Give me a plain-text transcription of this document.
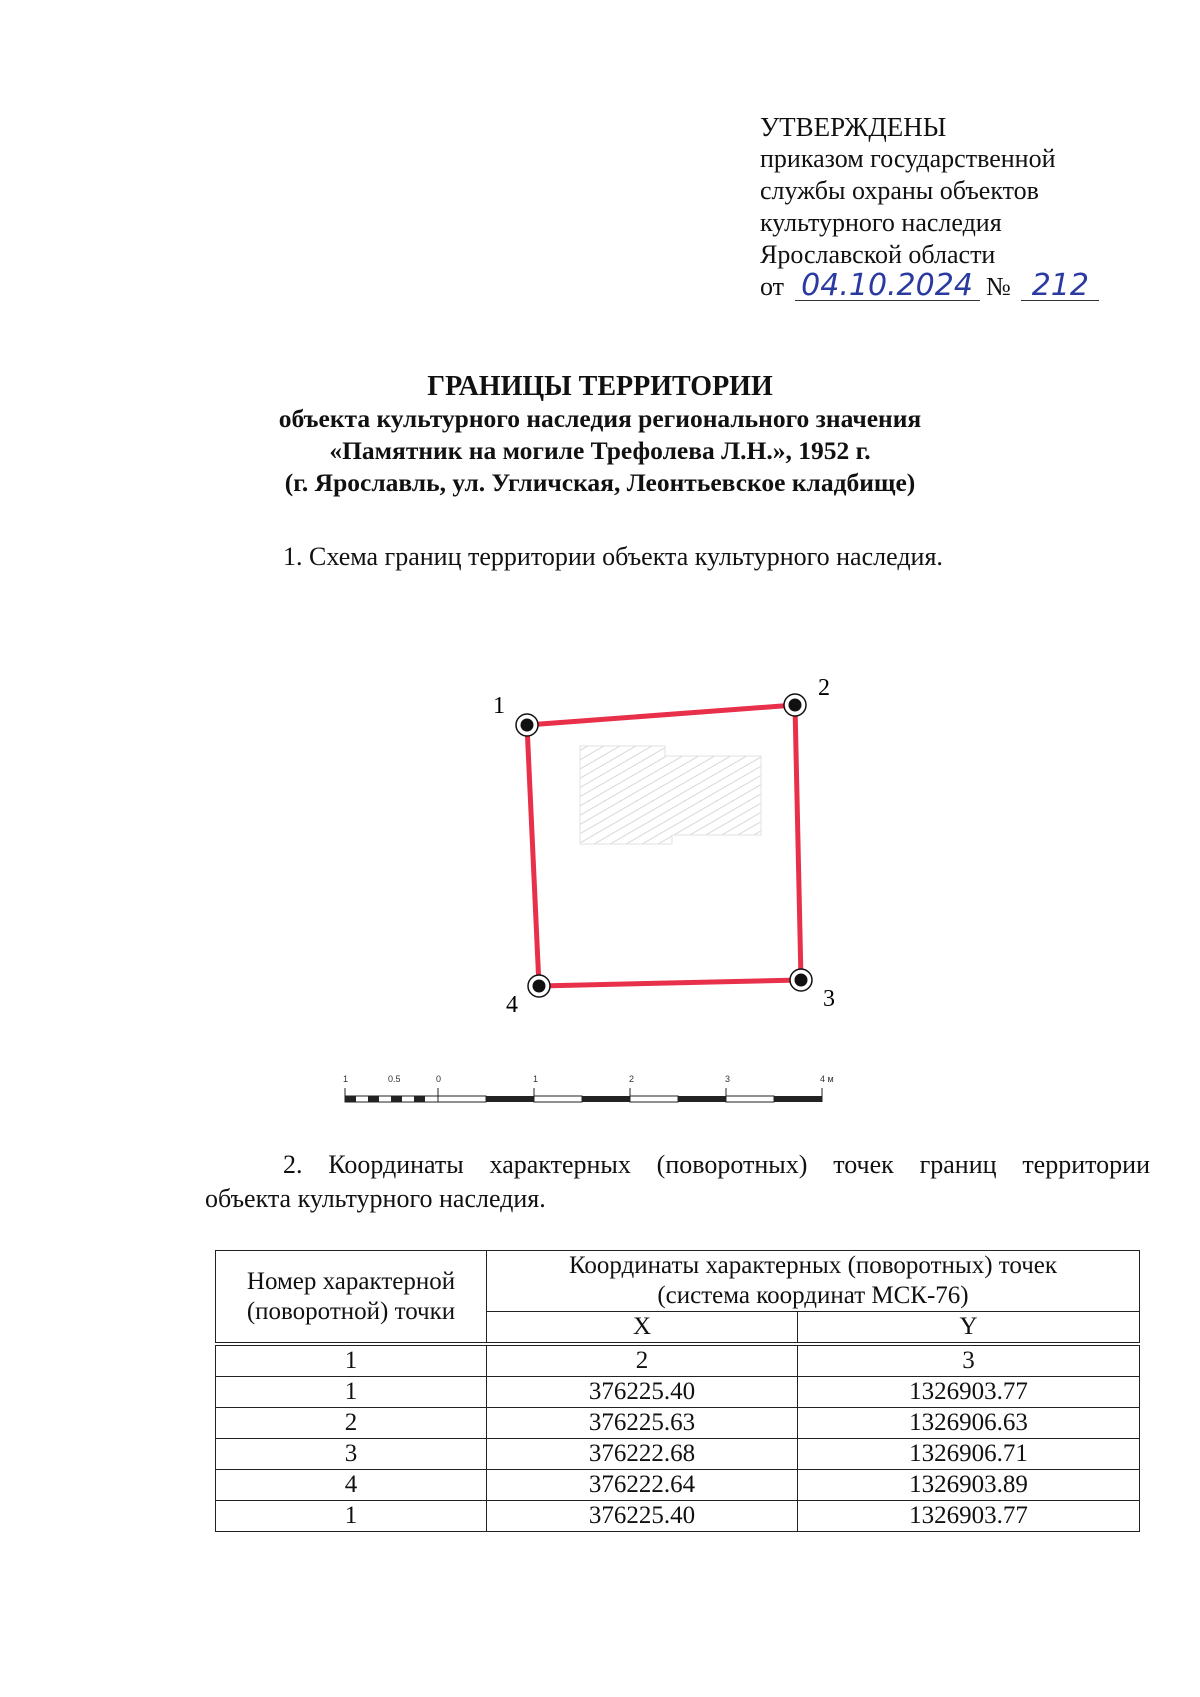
УТВЕРЖДЕНЫ
приказом государственной
службы охраны объектов
культурного наследия
Ярославской области
от 04.10.2024 № 212
ГРАНИЦЫ ТЕРРИТОРИИ
объекта культурного наследия регионального значения
«Памятник на могиле Трефолева Л.Н.», 1952 г.
(г. Ярославль, ул. Угличская, Леонтьевское кладбище)
1. Схема границ территории объекта культурного наследия.
1
2
3
4
1	0.5	0	1	2	3	4 м
2. Координаты характерных (поворотных) точек границ территории
объекта культурного наследия.
Номер характерной (поворотной) точки	Координаты характерных (поворотных) точек
(система координат МСК-76)	

	X	Y
1	2	3
1	376225.40	1326903.77
2	376225.63	1326906.63
3	376222.68	1326906.71
4	376222.64	1326903.89
1	376225.40	1326903.77
